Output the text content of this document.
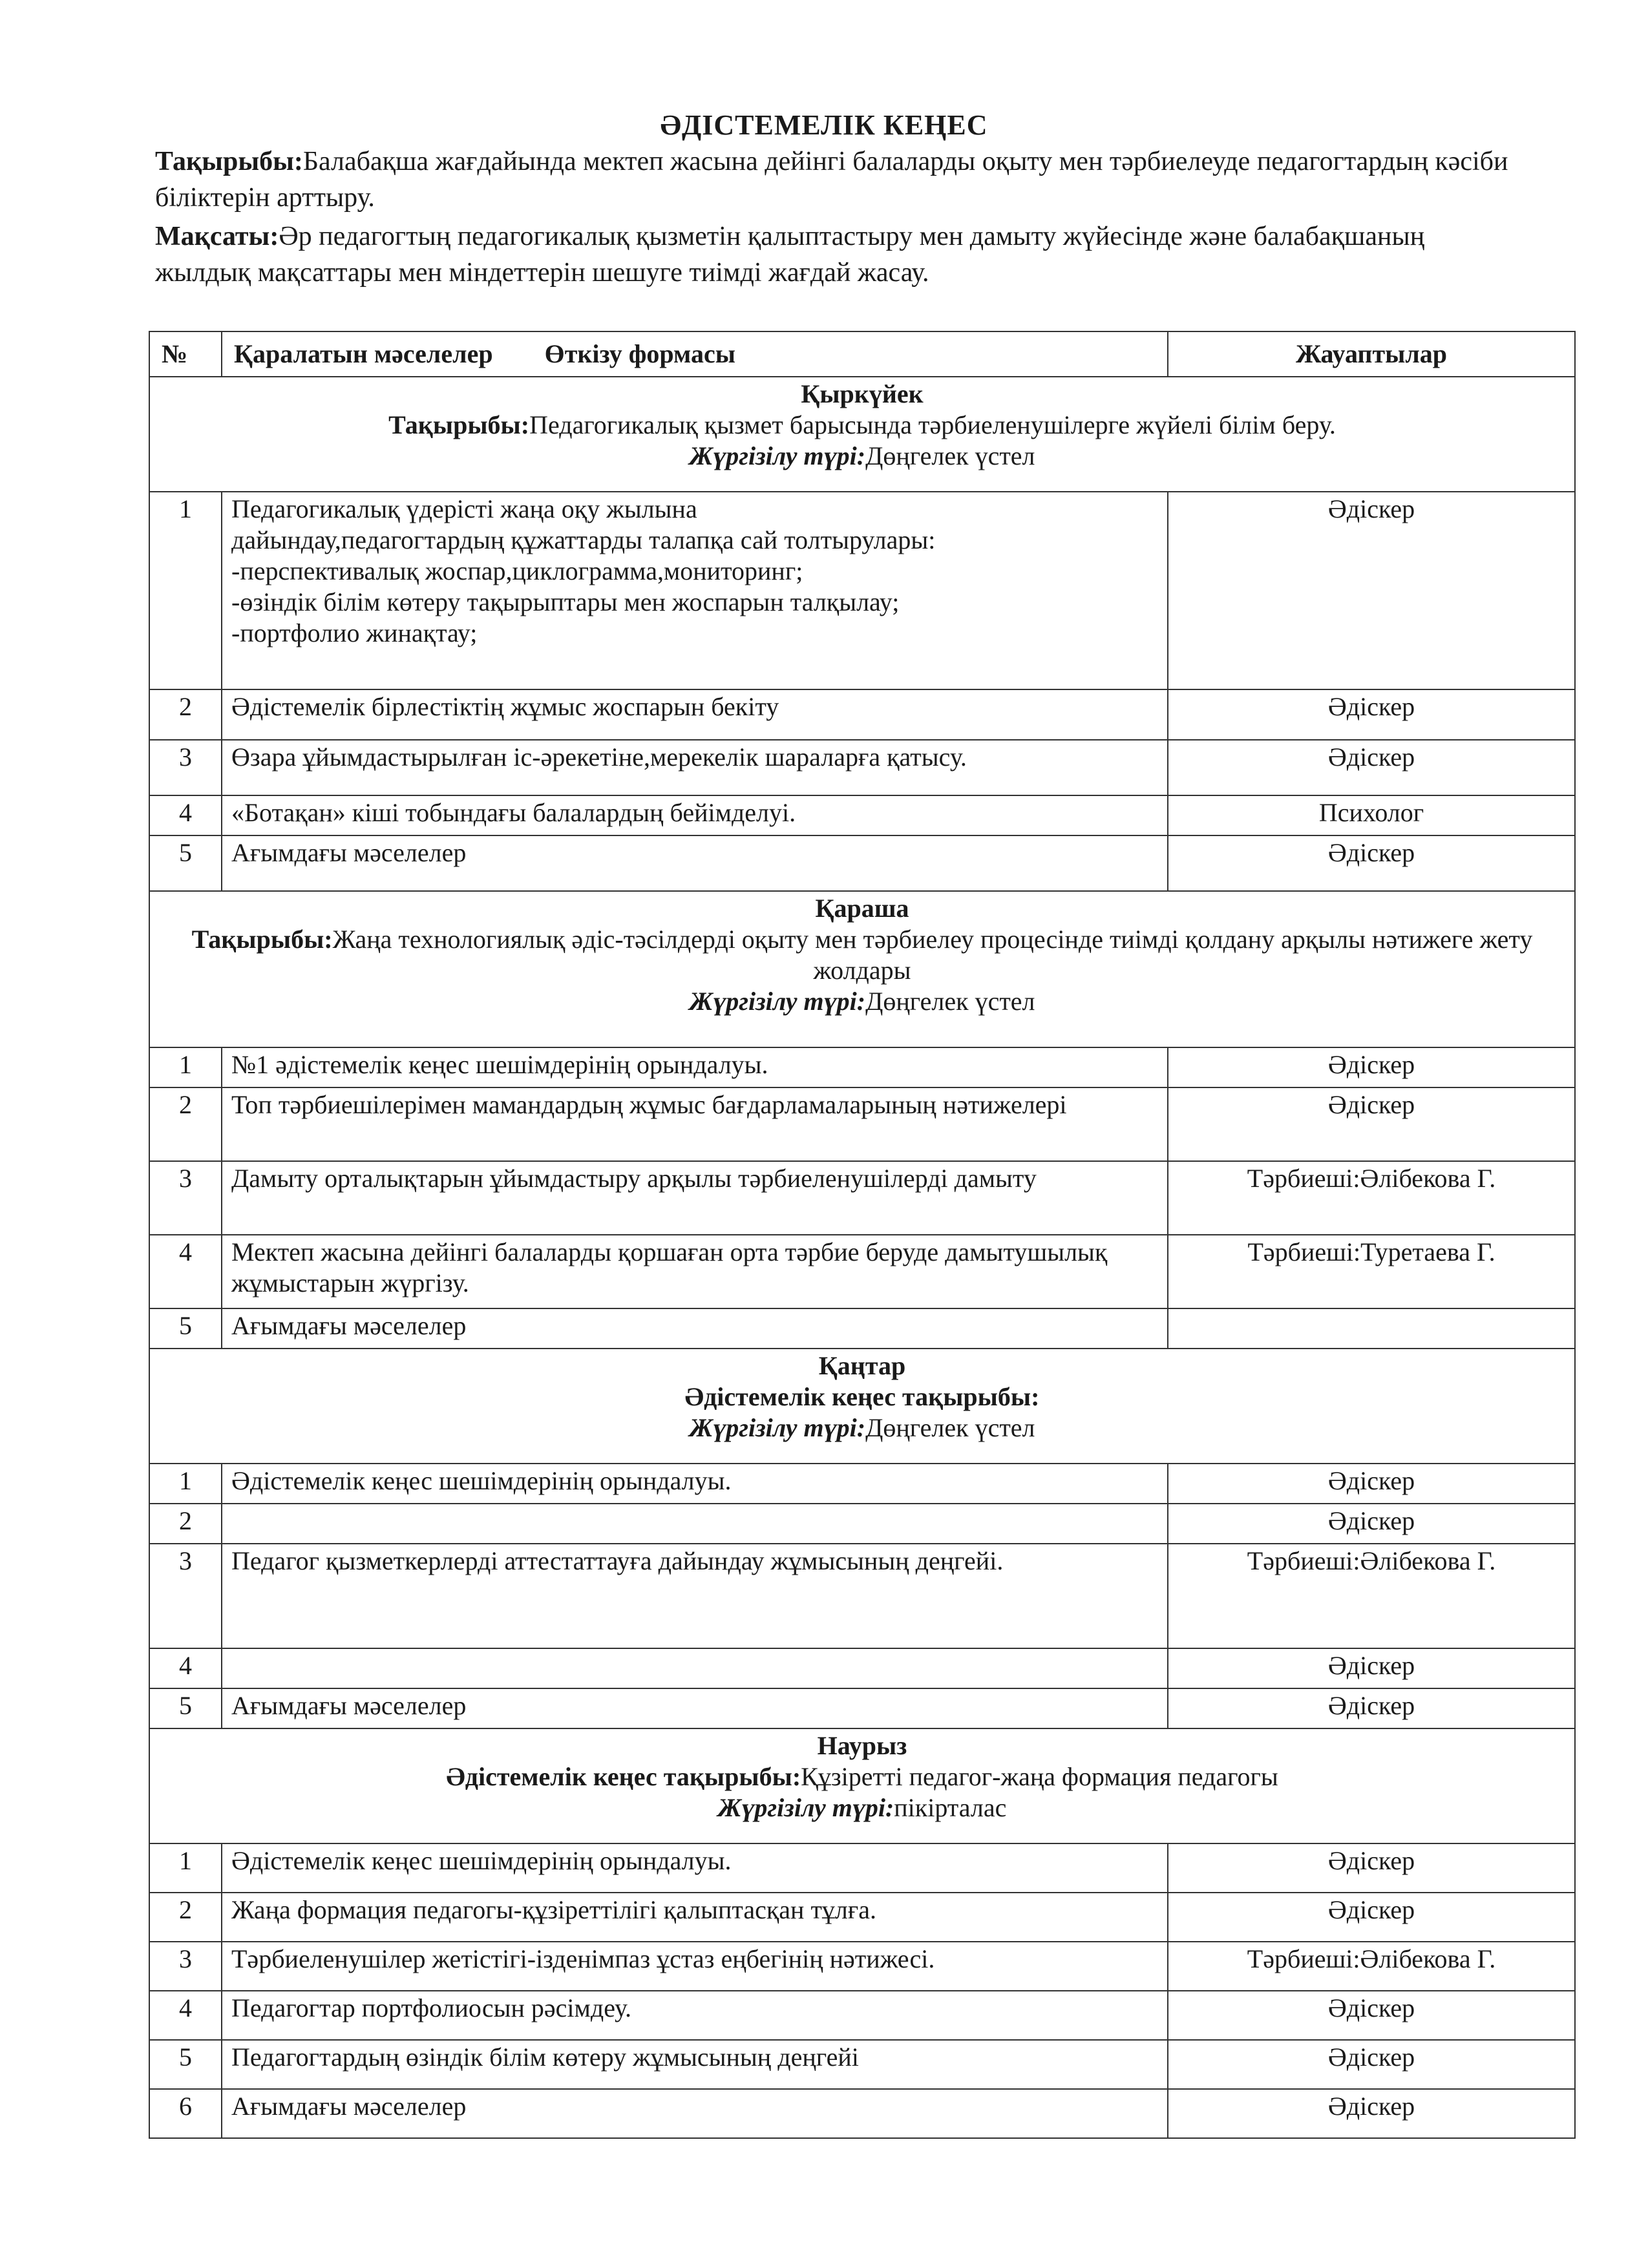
ӘДІСТЕМЕЛІК КЕҢЕС

Тақырыбы:Балабақша жағдайында мектеп жасына дейінгі балаларды оқыту мен тәрбиелеуде педагогтардың кәсіби біліктерін арттыру.

Мақсаты:Әр педагогтың педагогикалық қызметін қалыптастыру мен дамыту жүйесінде және балабақшаның жылдық мақсаттары мен міндеттерін шешуге тиімді жағдай жасау.

№	Қаралатын мәселелер Өткізу формасы	Жауаптылар

Қыркүйек
Тақырыбы:Педагогикалық қызмет барысында тәрбиеленушілерге жүйелі білім беру.
Жүргізілу түрі:Дөңгелек үстел		

1	Педагогикалық үдерісті жаңа оқу жылына
дайындау,педагогтардың құжаттарды талапқа сай толтырулары:
-перспективалық жоспар,циклограмма,мониторинг;
-өзіндік білім көтеру тақырыптары мен жоспарын талқылау;
-портфолио жинақтау;	Әдіскер
2	Әдістемелік бірлестіктің жұмыс жоспарын бекіту	Әдіскер
3	Өзара ұйымдастырылған іс-әрекетіне,мерекелік шараларға қатысу.	Әдіскер
4	«Ботақан» кіші тобындағы балалардың бейімделуі.	Психолог
5	Ағымдағы мәселелер	Әдіскер

Қараша
Тақырыбы:Жаңа технологиялық әдіс-тәсілдерді оқыту мен тәрбиелеу процесінде тиімді қолдану арқылы нәтижеге жету жолдары
Жүргізілу түрі:Дөңгелек үстел		

1	№1 әдістемелік кеңес шешімдерінің орындалуы.	Әдіскер
2	Топ тәрбиешілерімен мамандардың жұмыс бағдарламаларының нәтижелері	Әдіскер
3	Дамыту орталықтарын ұйымдастыру арқылы тәрбиеленушілерді дамыту	Тәрбиеші:Әлібекова Г.
4	Мектеп жасына дейінгі балаларды қоршаған орта тәрбие беруде дамытушылық жұмыстарын жүргізу.	Тәрбиеші:Туретаева Г.
5	Ағымдағы мәселелер	

Қаңтар
Әдістемелік кеңес тақырыбы:
Жүргізілу түрі:Дөңгелек үстел		

1	Әдістемелік кеңес шешімдерінің орындалуы.	Әдіскер
2		Әдіскер
3	Педагог қызметкерлерді аттестаттауға дайындау жұмысының деңгейі.	Тәрбиеші:Әлібекова Г.
4		Әдіскер
5	Ағымдағы мәселелер	Әдіскер

Наурыз
Әдістемелік кеңес тақырыбы:Құзіретті педагог-жаңа формация педагогы
Жүргізілу түрі:пікірталас		

1	Әдістемелік кеңес шешімдерінің орындалуы.	Әдіскер
2	Жаңа формация педагогы-құзіреттілігі қалыптасқан тұлға.	Әдіскер
3	Тәрбиеленушілер жетістігі-ізденімпаз ұстаз еңбегінің нәтижесі.	Тәрбиеші:Әлібекова Г.
4	Педагогтар портфолиосын рәсімдеу.	Әдіскер
5	Педагогтардың өзіндік білім көтеру жұмысының деңгейі	Әдіскер
6	Ағымдағы мәселелер	Әдіскер
